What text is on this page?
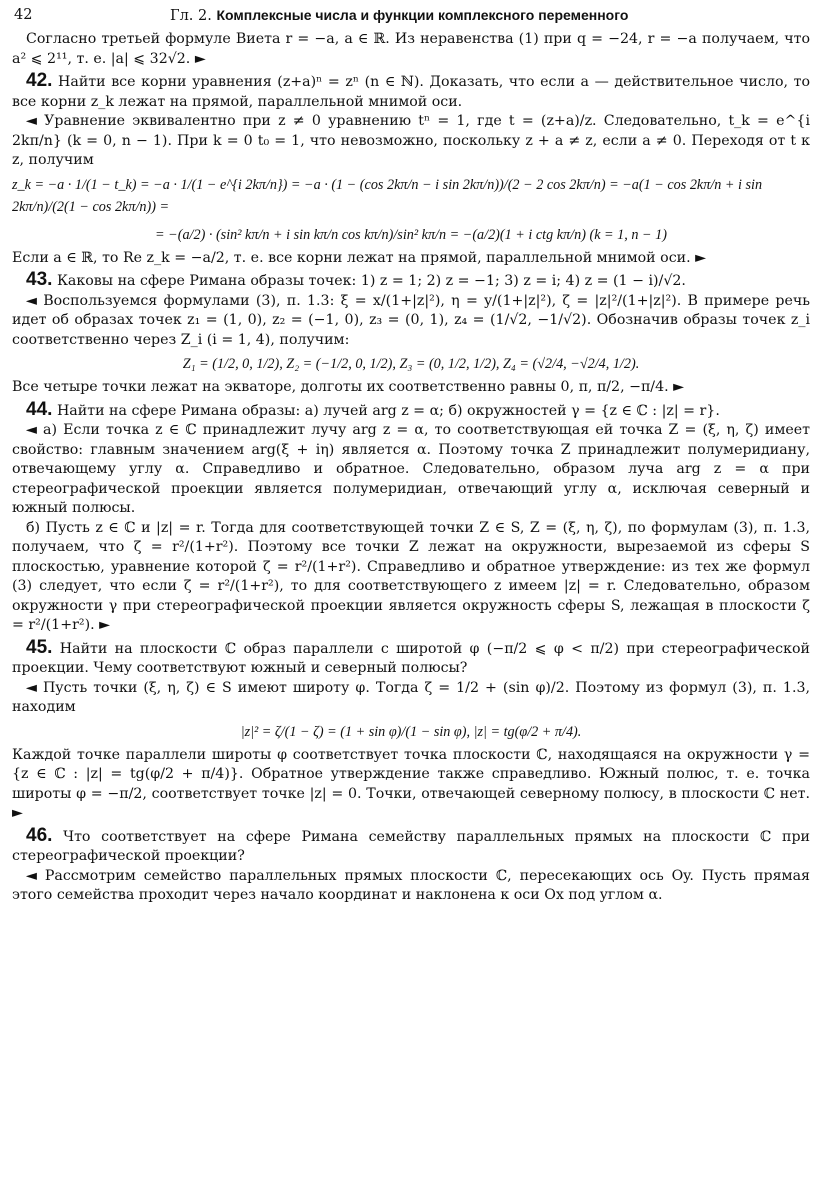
42	Гл. 2. Комплексные числа и функции комплексного переменного

Согласно третьей формуле Виета r = −a, a ∈ ℝ. Из неравенства (1) при q = −24, r = −a получаем, что a² ⩽ 2¹¹, т. е. |a| ⩽ 32√2. ►

42. Найти все корни уравнения (z+a)ⁿ = zⁿ (n ∈ ℕ). Доказать, что если a — действительное число, то все корни z_k лежат на прямой, параллельной мнимой оси.

◄ Уравнение эквивалентно при z ≠ 0 уравнению tⁿ = 1, где t = (z+a)/z. Следовательно, t_k = e^{i 2kπ/n} (k = 0, n − 1). При k = 0 t₀ = 1, что невозможно, поскольку z + a ≠ z, если a ≠ 0. Переходя от t к z, получим

z_k = −a · 1/(1 − t_k) = −a · 1/(1 − e^{i 2kπ/n}) = −a · (1 − (cos 2kπ/n − i sin 2kπ/n))/(2 − 2 cos 2kπ/n) = −a(1 − cos 2kπ/n + i sin 2kπ/n)/(2(1 − cos 2kπ/n)) =

= −(a/2) · (sin² kπ/n + i sin kπ/n cos kπ/n)/sin² kπ/n = −(a/2)(1 + i ctg kπ/n) (k = 1, n − 1)

Если a ∈ ℝ, то Re z_k = −a/2, т. е. все корни лежат на прямой, параллельной мнимой оси. ►

43. Каковы на сфере Римана образы точек: 1) z = 1; 2) z = −1; 3) z = i; 4) z = (1 − i)/√2.

◄ Воспользуемся формулами (3), п. 1.3: ξ = x/(1+|z|²), η = y/(1+|z|²), ζ = |z|²/(1+|z|²). В примере речь идет об образах точек z₁ = (1, 0), z₂ = (−1, 0), z₃ = (0, 1), z₄ = (1/√2, −1/√2). Обозначив образы точек z_i соответственно через Z_i (i = 1, 4), получим:

Z₁ = (1/2, 0, 1/2), Z₂ = (−1/2, 0, 1/2), Z₃ = (0, 1/2, 1/2), Z₄ = (√2/4, −√2/4, 1/2).

Все четыре точки лежат на экваторе, долготы их соответственно равны 0, π, π/2, −π/4. ►

44. Найти на сфере Римана образы: а) лучей arg z = α; б) окружностей γ = {z ∈ ℂ : |z| = r}.

◄ а) Если точка z ∈ ℂ принадлежит лучу arg z = α, то соответствующая ей точка Z = (ξ, η, ζ) имеет свойство: главным значением arg(ξ + iη) является α. Поэтому точка Z принадлежит полумеридиану, отвечающему углу α. Справедливо и обратное. Следовательно, образом луча arg z = α при стереографической проекции является полумеридиан, отвечающий углу α, исключая северный и южный полюсы.

б) Пусть z ∈ ℂ и |z| = r. Тогда для соответствующей точки Z ∈ S, Z = (ξ, η, ζ), по формулам (3), п. 1.3, получаем, что ζ = r²/(1+r²). Поэтому все точки Z лежат на окружности, вырезаемой из сферы S плоскостью, уравнение которой ζ = r²/(1+r²). Справедливо и обратное утверждение: из тех же формул (3) следует, что если ζ = r²/(1+r²), то для соответствующего z имеем |z| = r. Следовательно, образом окружности γ при стереографической проекции является окружность сферы S, лежащая в плоскости ζ = r²/(1+r²). ►

45. Найти на плоскости ℂ образ параллели с широтой φ (−π/2 ⩽ φ < π/2) при стереографической проекции. Чему соответствуют южный и северный полюсы?

◄ Пусть точки (ξ, η, ζ) ∈ S имеют широту φ. Тогда ζ = 1/2 + (sin φ)/2. Поэтому из формул (3), п. 1.3, находим

|z|² = ζ/(1 − ζ) = (1 + sin φ)/(1 − sin φ), |z| = tg(φ/2 + π/4).

Каждой точке параллели широты φ соответствует точка плоскости ℂ, находящаяся на окружности γ = {z ∈ ℂ : |z| = tg(φ/2 + π/4)}. Обратное утверждение также справедливо. Южный полюс, т. е. точка широты φ = −π/2, соответствует точке |z| = 0. Точки, отвечающей северному полюсу, в плоскости ℂ нет. ►

46. Что соответствует на сфере Римана семейству параллельных прямых на плоскости ℂ при стереографической проекции?

◄ Рассмотрим семейство параллельных прямых плоскости ℂ, пересекающих ось Oy. Пусть прямая этого семейства проходит через начало координат и наклонена к оси Ox под углом α.
